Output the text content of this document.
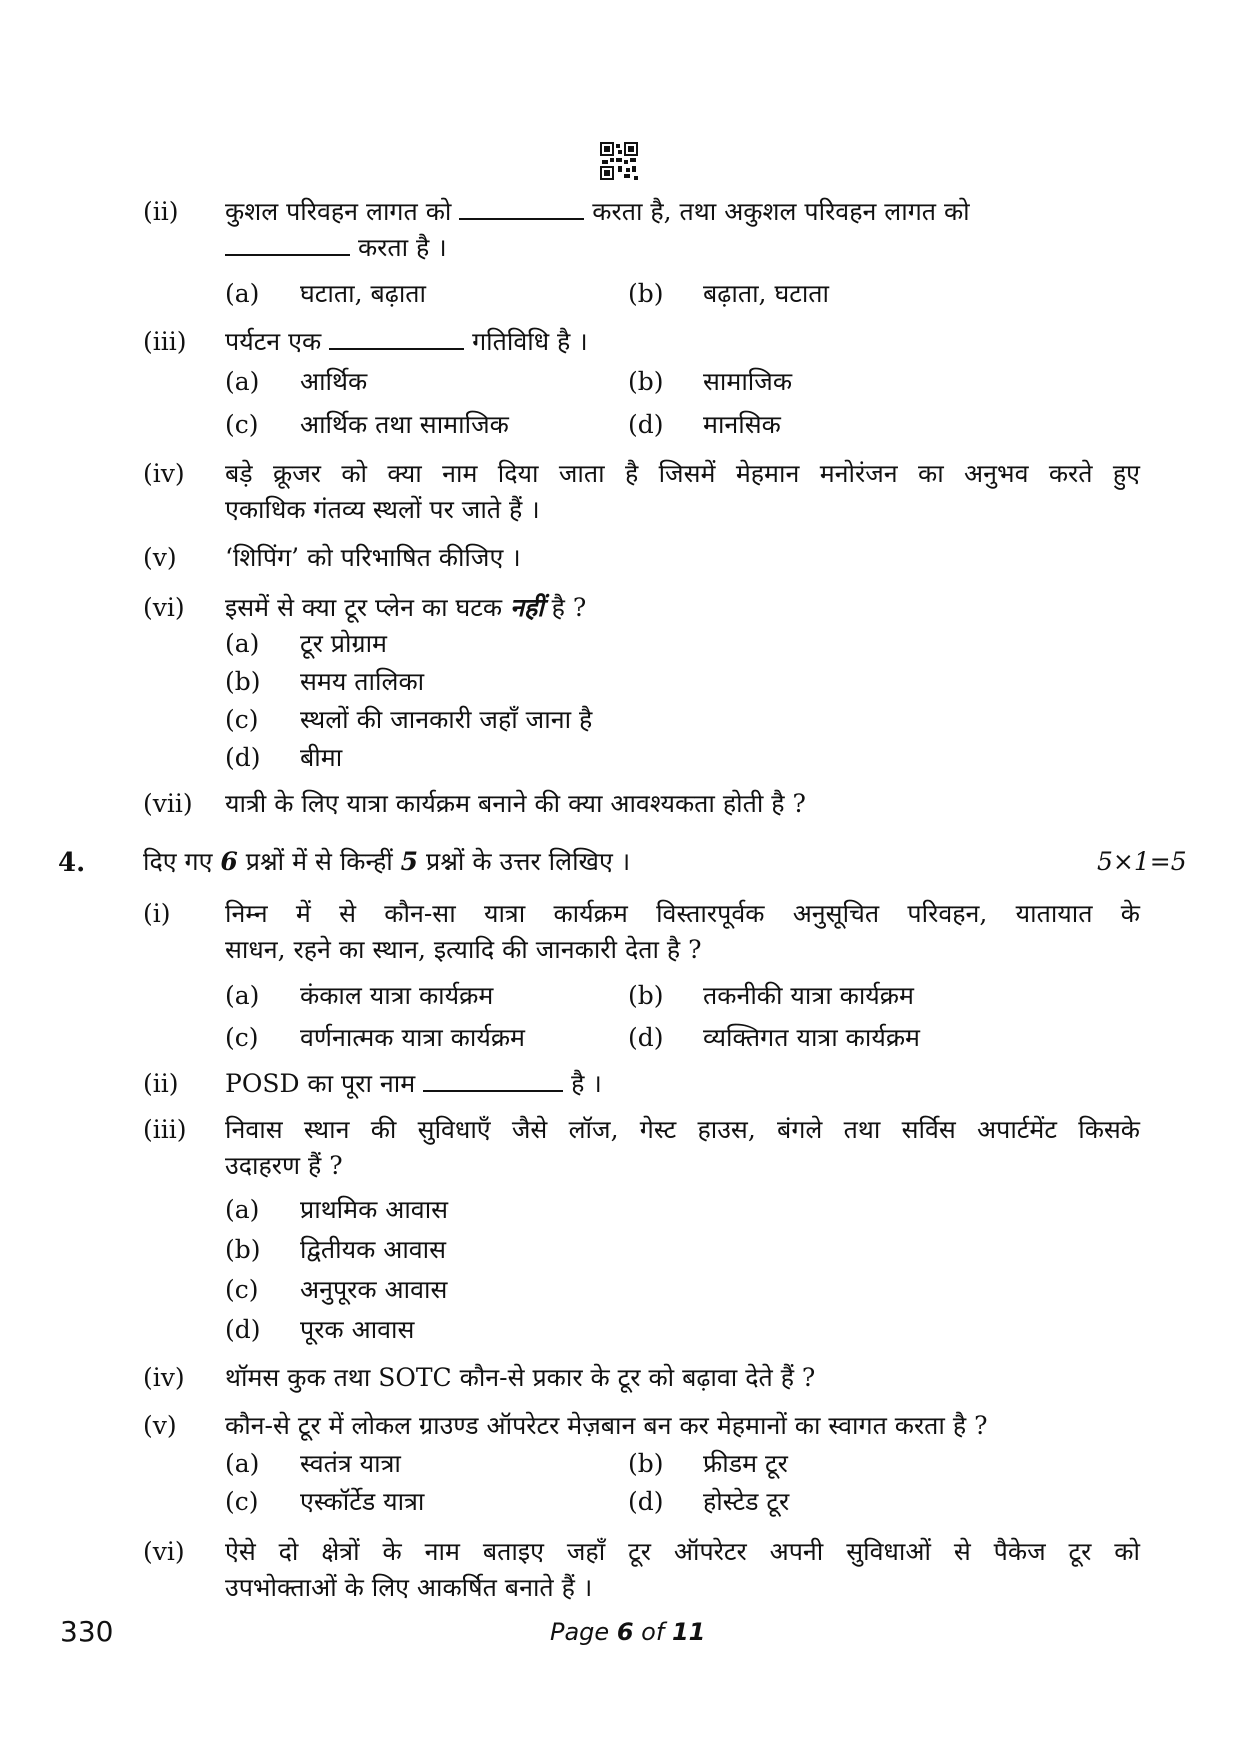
(ii) कुशल परिवहन लागत को	करता है, तथा अकुशल परिवहन लागत को
करता है ।
(a) घटाता, बढ़ाता	(b) बढ़ाता, घटाता
(iii) पर्यटन एक	गतिविधि है ।
(a) आर्थिक	(b) सामाजिक
(c) आर्थिक तथा सामाजिक	(d) मानसिक
(iv) बड़े क्रूजर को क्या नाम दिया जाता है जिसमें मेहमान मनोरंजन का अनुभव करते हुए
एकाधिक गंतव्य स्थलों पर जाते हैं ।
(v) ‘शिपिंग’ को परिभाषित कीजिए ।
(vi) इसमें से क्या टूर प्लेन का घटक नहीं है ?
(a) टूर प्रोग्राम
(b) समय तालिका
(c) स्थलों की जानकारी जहाँ जाना है
(d) बीमा
(vii) यात्री के लिए यात्रा कार्यक्रम बनाने की क्या आवश्यकता होती है ?
4. दिए गए 6 प्रश्नों में से किन्हीं 5 प्रश्नों के उत्तर लिखिए ।	5×1=5
(i) निम्न में से कौन-सा यात्रा कार्यक्रम विस्तारपूर्वक अनुसूचित परिवहन, यातायात के
साधन, रहने का स्थान, इत्यादि की जानकारी देता है ?
(a) कंकाल यात्रा कार्यक्रम	(b) तकनीकी यात्रा कार्यक्रम
(c) वर्णनात्मक यात्रा कार्यक्रम	(d) व्यक्तिगत यात्रा कार्यक्रम
(ii) POSD का पूरा नाम	है ।
(iii) निवास स्थान की सुविधाएँ जैसे लॉज, गेस्ट हाउस, बंगले तथा सर्विस अपार्टमेंट किसके
उदाहरण हैं ?
(a) प्राथमिक आवास
(b) द्वितीयक आवास
(c) अनुपूरक आवास
(d) पूरक आवास
(iv) थॉमस कुक तथा SOTC कौन-से प्रकार के टूर को बढ़ावा देते हैं ?
(v) कौन-से टूर में लोकल ग्राउण्ड ऑपरेटर मेज़बान बन कर मेहमानों का स्वागत करता है ?
(a) स्वतंत्र यात्रा	(b) फ्रीडम टूर
(c) एस्कॉर्टेड यात्रा	(d) होस्टेड टूर
(vi) ऐसे दो क्षेत्रों के नाम बताइए जहाँ टूर ऑपरेटर अपनी सुविधाओं से पैकेज टूर को
उपभोक्ताओं के लिए आकर्षित बनाते हैं ।
330	Page 6 of 11
